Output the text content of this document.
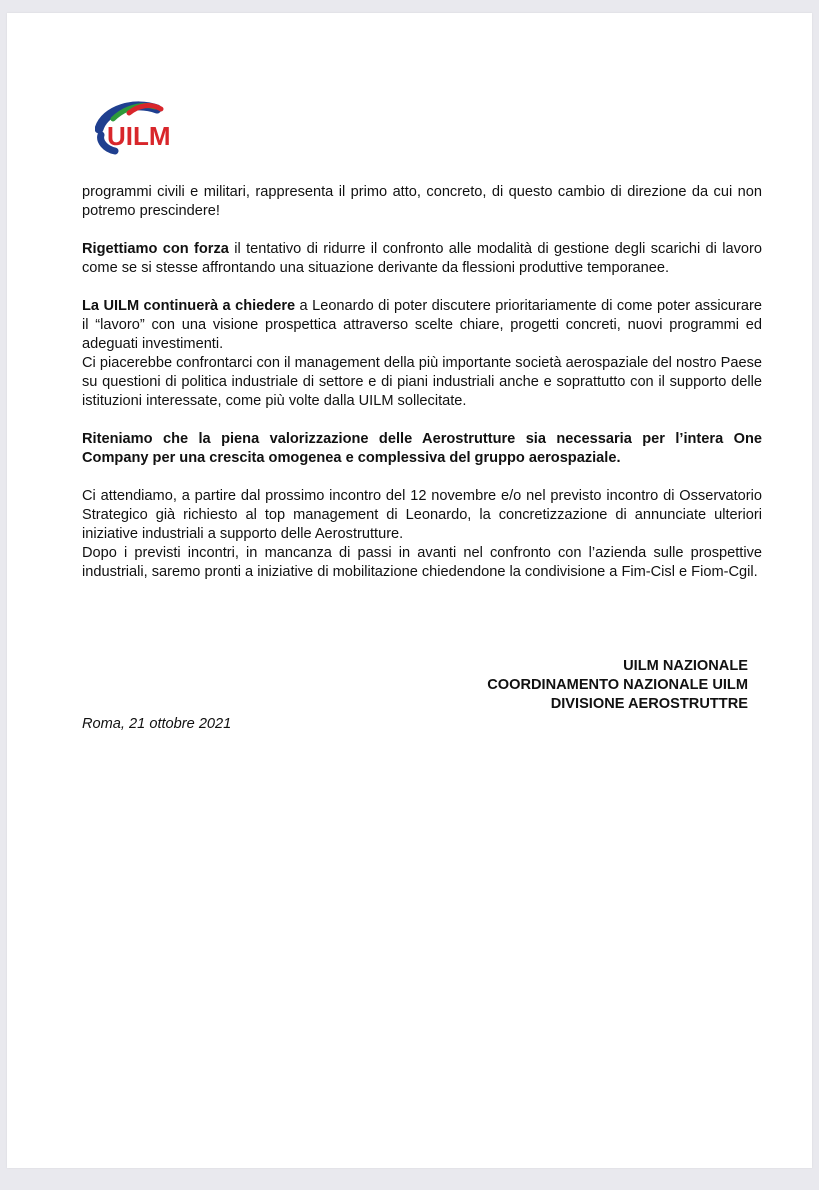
UILM

programmi civili e militari, rappresenta il primo atto, concreto, di questo cambio di direzione da cui non potremo prescindere!

Rigettiamo con forza il tentativo di ridurre il confronto alle modalità di gestione degli scarichi di lavoro come se si stesse affrontando una situazione derivante da flessioni produttive temporanee.

La UILM continuerà a chiedere a Leonardo di poter discutere prioritariamente di come poter assicurare il “lavoro” con una visione prospettica attraverso scelte chiare, progetti concreti, nuovi programmi ed adeguati investimenti.

Ci piacerebbe confrontarci con il management della più importante società aerospaziale del nostro Paese su questioni di politica industriale di settore e di piani industriali anche e soprattutto con il supporto delle istituzioni interessate, come più volte dalla UILM sollecitate.

Riteniamo che la piena valorizzazione delle Aerostrutture sia necessaria per l’intera One Company per una crescita omogenea e complessiva del gruppo aerospaziale.

Ci attendiamo, a partire dal prossimo incontro del 12 novembre e/o nel previsto incontro di Osservatorio Strategico già richiesto al top management di Leonardo, la concretizzazione di annunciate ulteriori iniziative industriali a supporto delle Aerostrutture.

Dopo i previsti incontri, in mancanza di passi in avanti nel confronto con l’azienda sulle prospettive industriali, saremo pronti a iniziative di mobilitazione chiedendone la condivisione a Fim-Cisl e Fiom-Cgil.

UILM NAZIONALE
COORDINAMENTO NAZIONALE UILM
DIVISIONE AEROSTRUTTRE
Roma, 21 ottobre 2021
